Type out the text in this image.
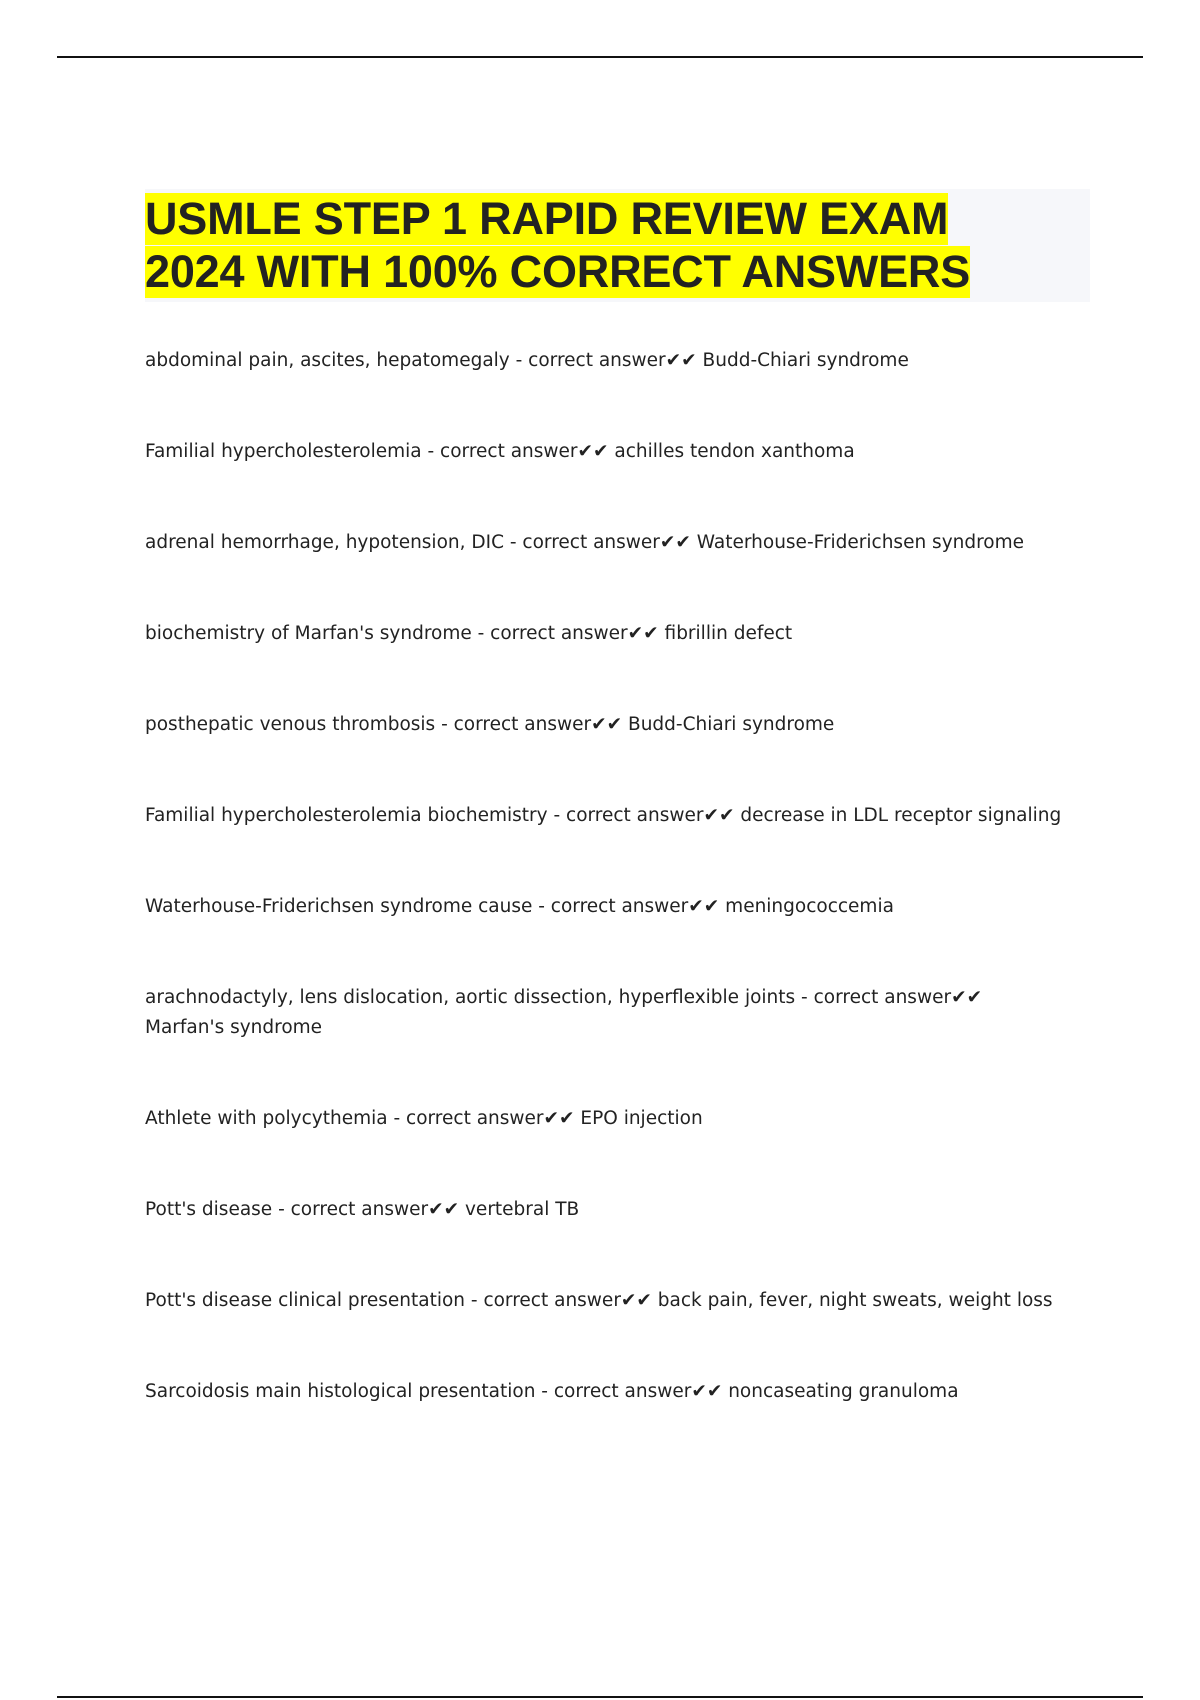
USMLE STEP 1 RAPID REVIEW EXAM
2024 WITH 100% CORRECT ANSWERS

abdominal pain, ascites, hepatomegaly - correct answer✔✔ Budd-Chiari syndrome

Familial hypercholesterolemia - correct answer✔✔ achilles tendon xanthoma

adrenal hemorrhage, hypotension, DIC - correct answer✔✔ Waterhouse-Friderichsen syndrome

biochemistry of Marfan's syndrome - correct answer✔✔ fibrillin defect

posthepatic venous thrombosis - correct answer✔✔ Budd-Chiari syndrome

Familial hypercholesterolemia biochemistry - correct answer✔✔ decrease in LDL receptor signaling

Waterhouse-Friderichsen syndrome cause - correct answer✔✔ meningococcemia

arachnodactyly, lens dislocation, aortic dissection, hyperflexible joints - correct answer✔✔ Marfan's syndrome

Athlete with polycythemia - correct answer✔✔ EPO injection

Pott's disease - correct answer✔✔ vertebral TB

Pott's disease clinical presentation - correct answer✔✔ back pain, fever, night sweats, weight loss

Sarcoidosis main histological presentation - correct answer✔✔ noncaseating granuloma
